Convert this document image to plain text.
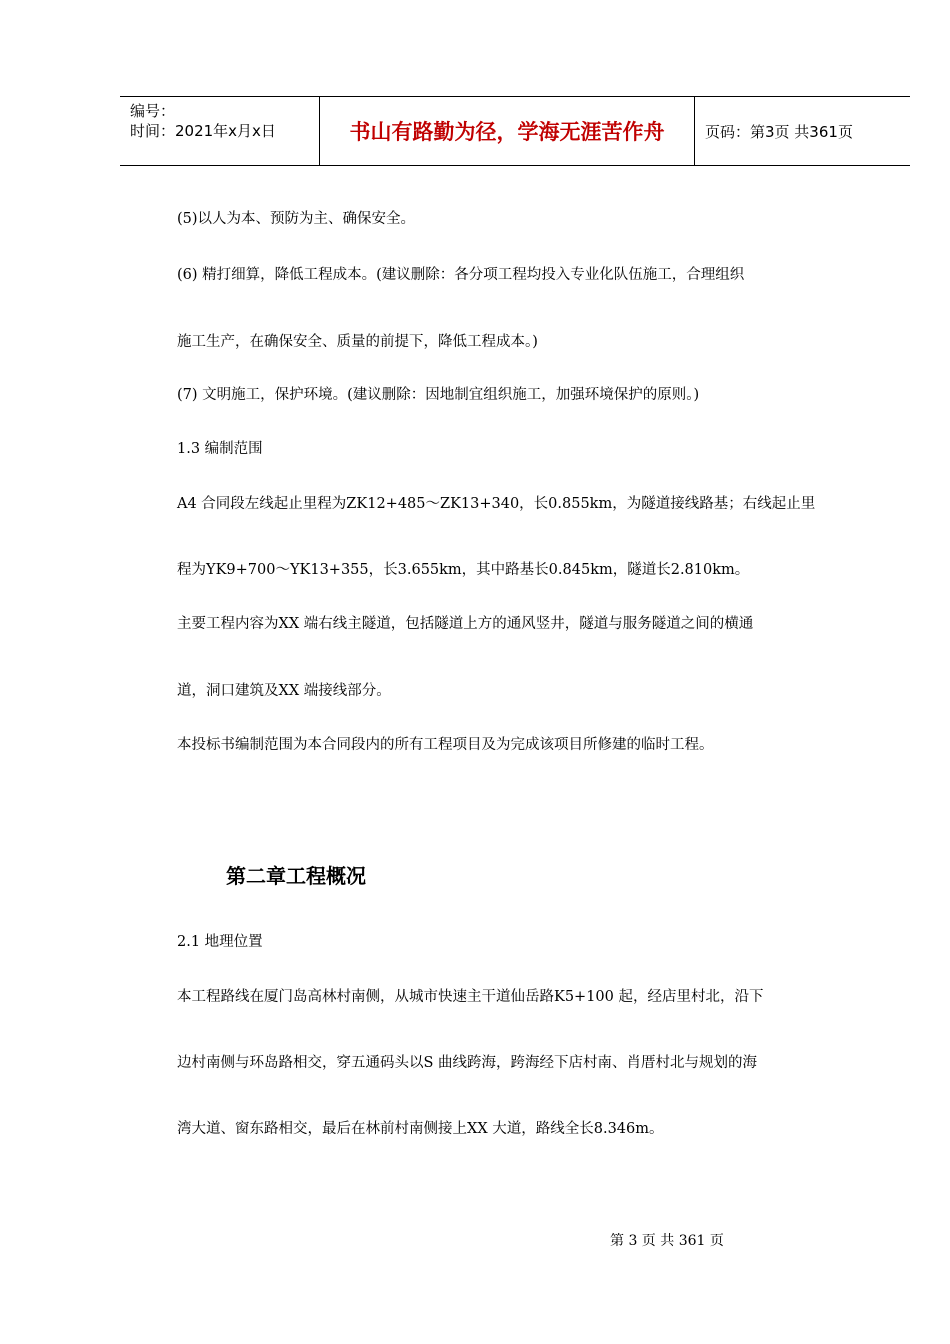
编号：
时间：2021年x月x日	书山有路勤为径，学海无涯苦作舟	页码：第3页 共361页
(5)以人为本、预防为主、确保安全。
(6) 精打细算，降低工程成本。(建议删除：各分项工程均投入专业化队伍施工，合理组织
施工生产，在确保安全、质量的前提下，降低工程成本。)
(7) 文明施工，保护环境。(建议删除：因地制宜组织施工，加强环境保护的原则。)
1.3 编制范围
A4 合同段左线起止里程为ZK12+485～ZK13+340，长0.855km，为隧道接线路基；右线起止里
程为YK9+700～YK13+355，长3.655km，其中路基长0.845km，隧道长2.810km。
主要工程内容为XX 端右线主隧道，包括隧道上方的通风竖井，隧道与服务隧道之间的横通
道，洞口建筑及XX 端接线部分。
本投标书编制范围为本合同段内的所有工程项目及为完成该项目所修建的临时工程。
第二章工程概况
2.1 地理位置
本工程路线在厦门岛高林村南侧，从城市快速主干道仙岳路K5+100 起，经店里村北，沿下
边村南侧与环岛路相交，穿五通码头以S 曲线跨海，跨海经下店村南、肖厝村北与规划的海
湾大道、窗东路相交，最后在林前村南侧接上XX 大道，路线全长8.346m。
第 3 页 共 361 页
